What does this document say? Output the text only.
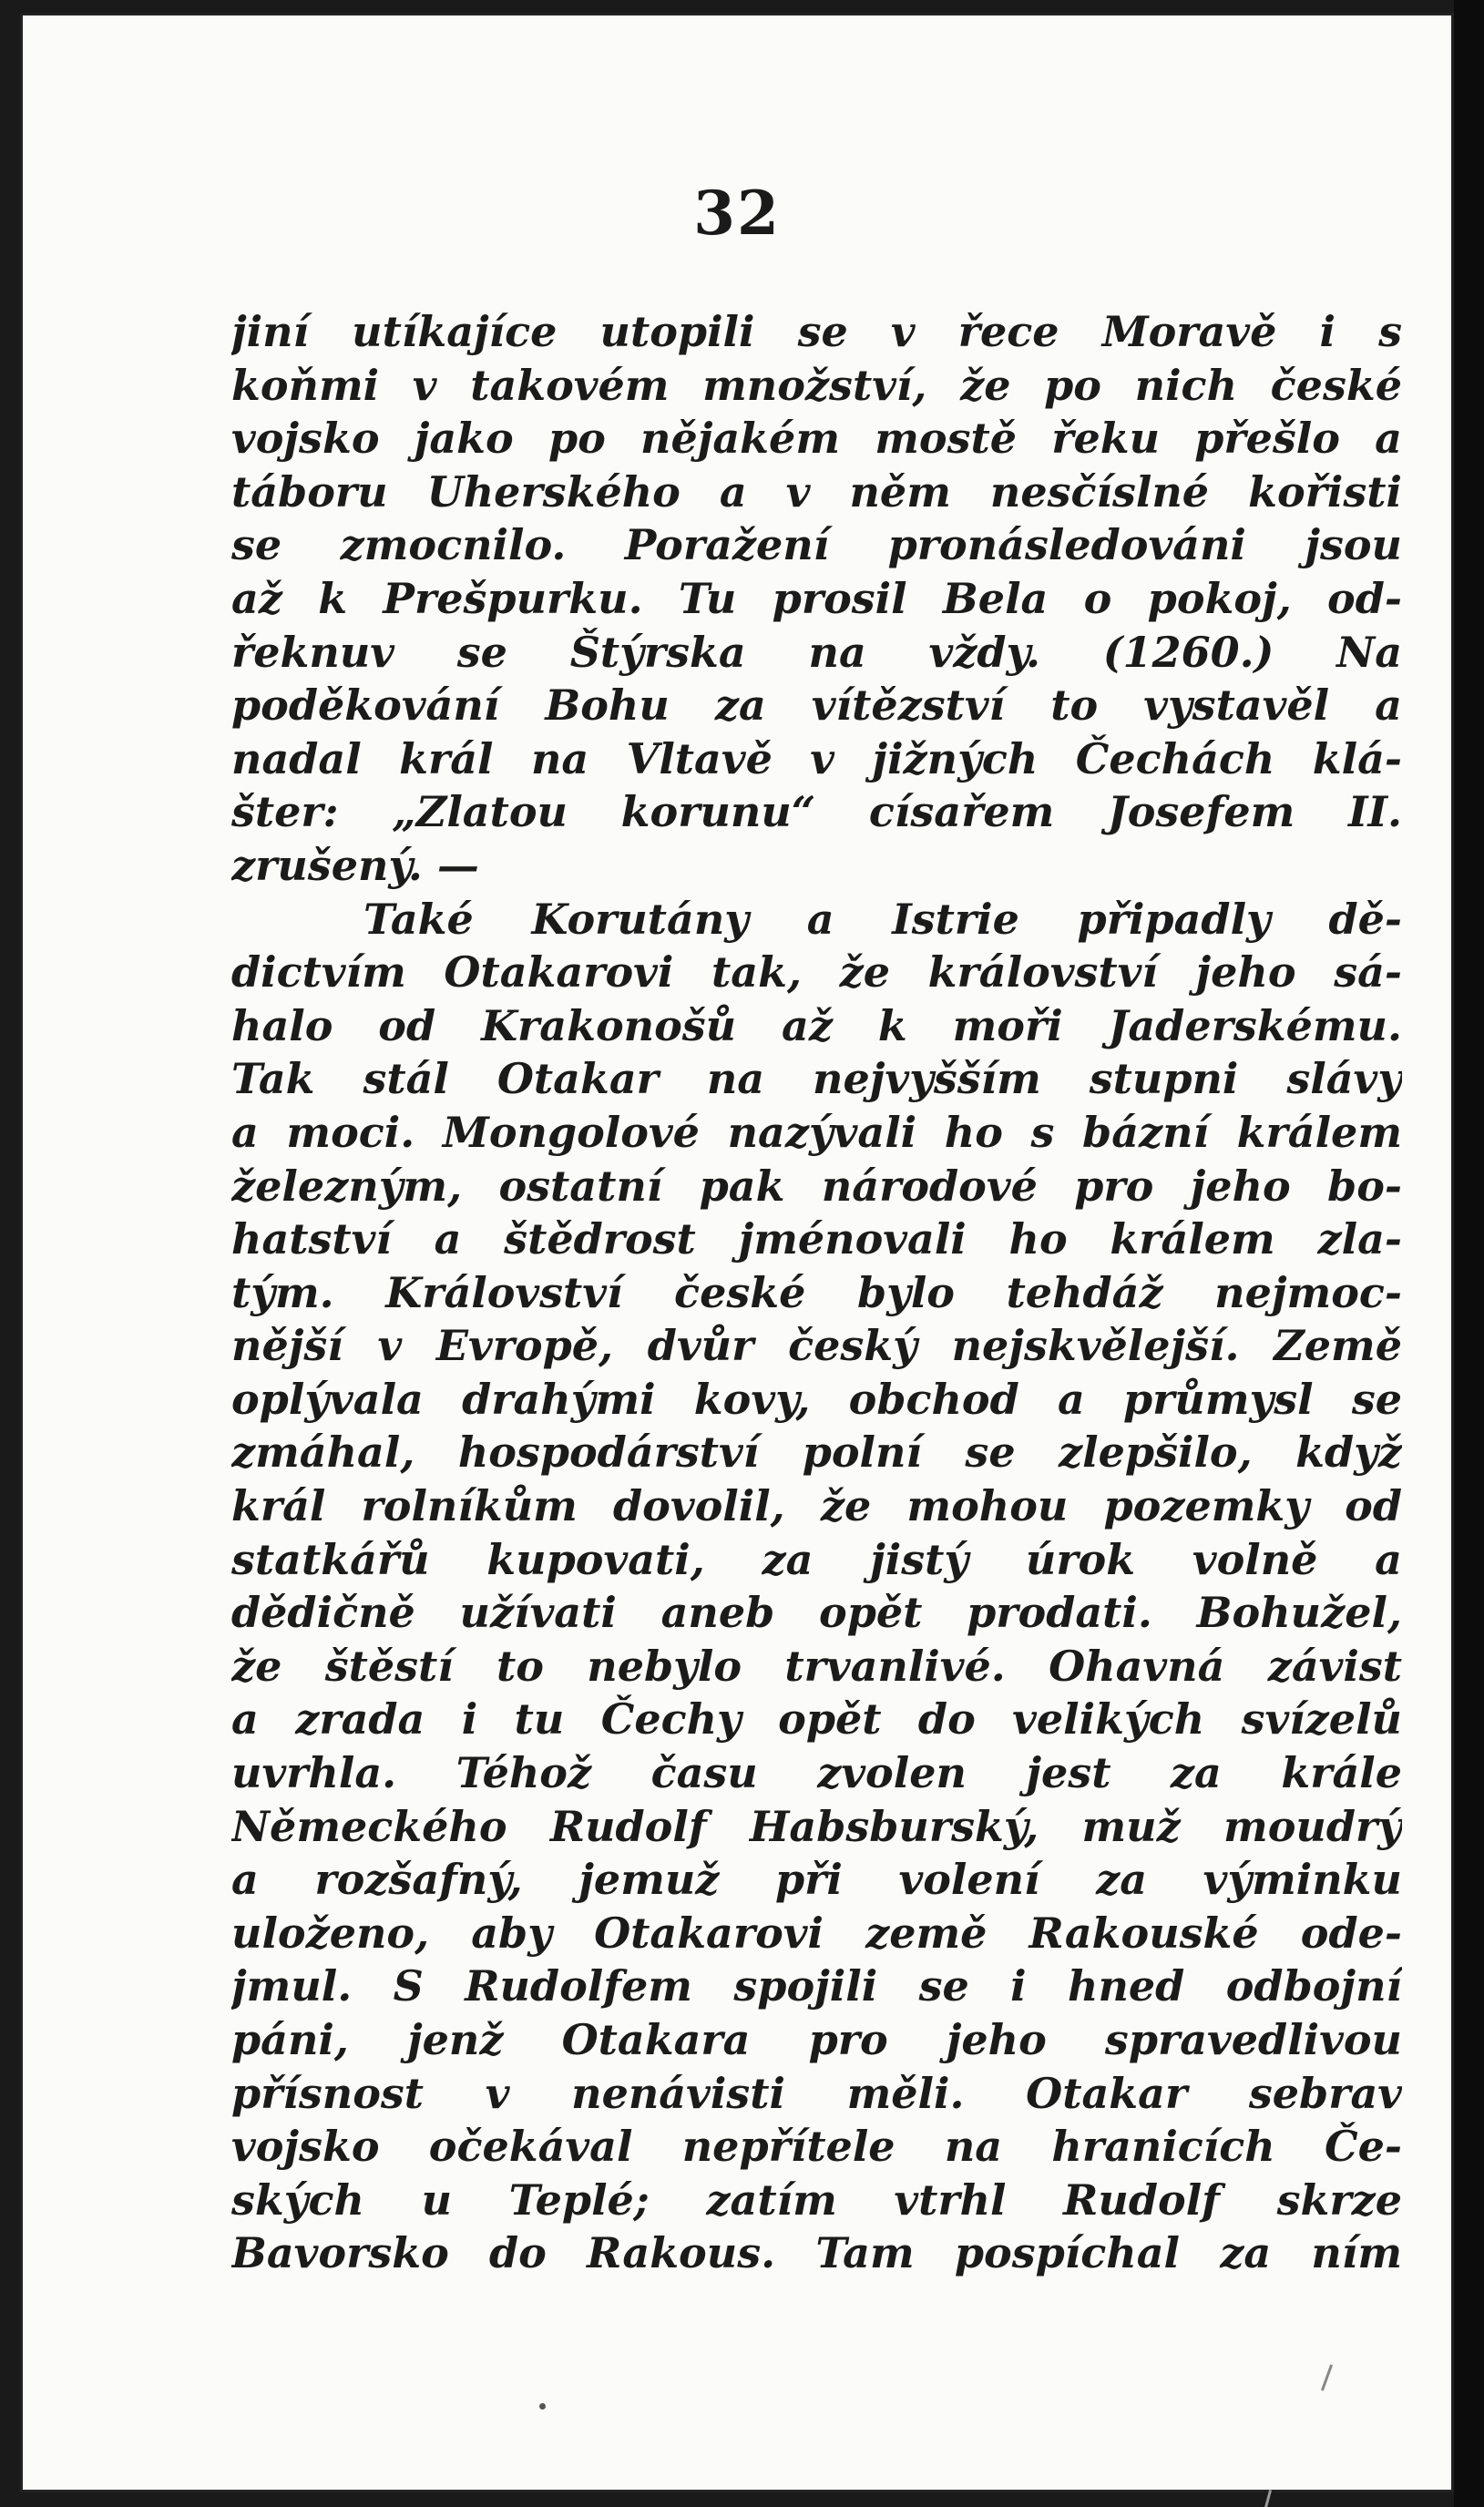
32
jiní utíkajíce utopili se v řece Moravě i s
koňmi v takovém množství, že po nich české
vojsko jako po nějakém mostě řeku přešlo a
táboru Uherského a v něm nesčíslné kořisti
se zmocnilo. Poražení pronásledováni jsou
až k Prešpurku. Tu prosil Bela o pokoj, od-
řeknuv se Štýrska na vždy. (1260.) Na
poděkování Bohu za vítězství to vystavěl a
nadal král na Vltavě v jižných Čechách klá-
šter: „Zlatou korunu“ císařem Josefem II.
zrušený. —
Také Korutány a Istrie připadly dě-
dictvím Otakarovi tak, že království jeho sá-
halo od Krakonošů až k moři Jaderskému.
Tak stál Otakar na nejvyšším stupni slávy
a moci. Mongolové nazývali ho s bázní králem
železným, ostatní pak národové pro jeho bo-
hatství a štědrost jménovali ho králem zla-
tým. Království české bylo tehdáž nejmoc-
nější v Evropě, dvůr český nejskvělejší. Země
oplývala drahými kovy, obchod a průmysl se
zmáhal, hospodárství polní se zlepšilo, když
král rolníkům dovolil, že mohou pozemky od
statkářů kupovati, za jistý úrok volně a
dědičně užívati aneb opět prodati. Bohužel,
že štěstí to nebylo trvanlivé. Ohavná závist
a zrada i tu Čechy opět do velikých svízelů
uvrhla. Téhož času zvolen jest za krále
Německého Rudolf Habsburský, muž moudrý
a rozšafný, jemuž při volení za výminku
uloženo, aby Otakarovi země Rakouské ode-
jmul. S Rudolfem spojili se i hned odbojní
páni, jenž Otakara pro jeho spravedlivou
přísnost v nenávisti měli. Otakar sebrav
vojsko očekával nepřítele na hranicích Če-
ských u Teplé; zatím vtrhl Rudolf skrze
Bavorsko do Rakous. Tam pospíchal za ním
